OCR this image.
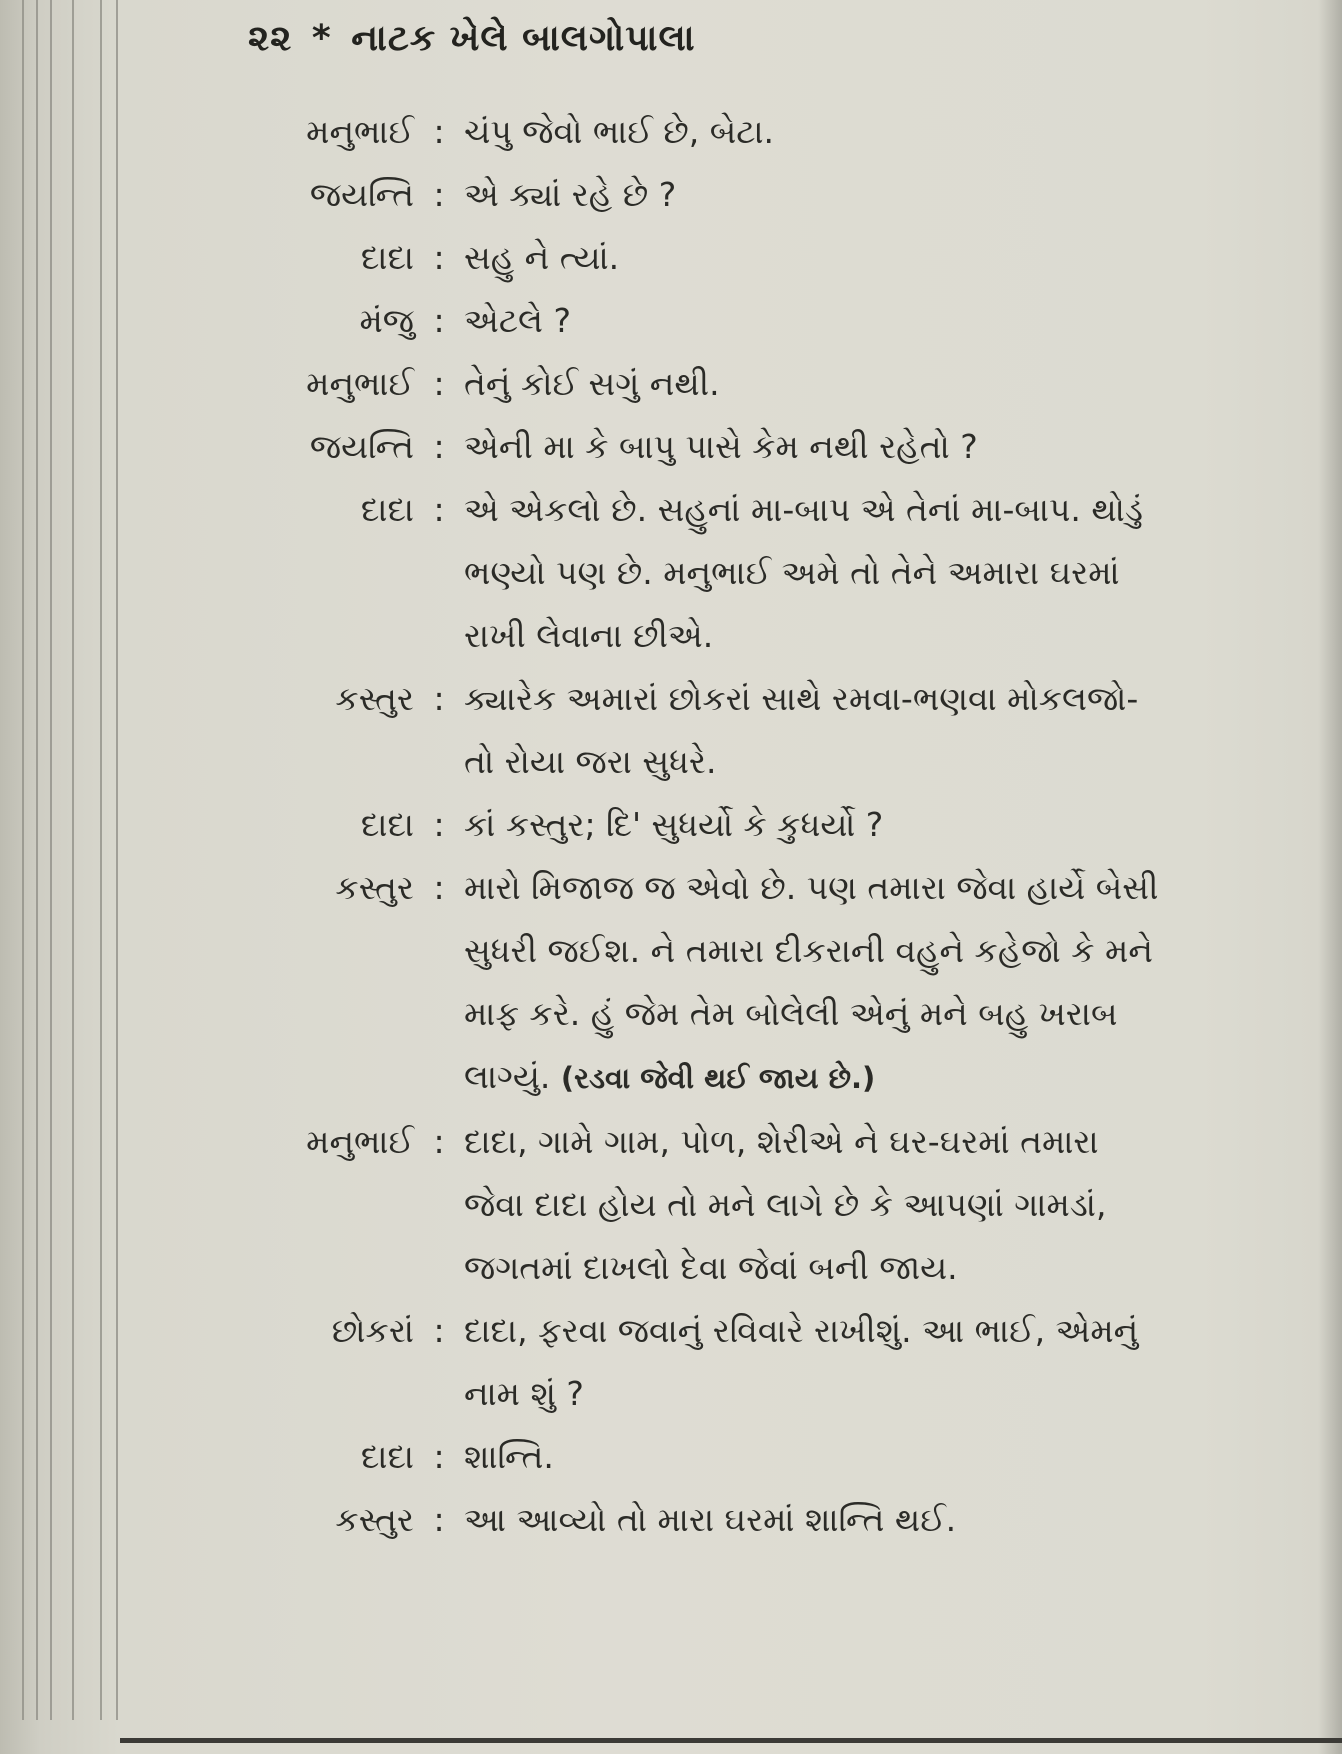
૨૨ * નાટક ખેલે બાલગોપાલા
મનુભાઈ : ચંપુ જેવો ભાઈ છે, બેટા.
જયન્તિ : એ ક્યાં રહે છે ?
દાદા : સહુ ને ત્યાં.
મંજુ : એટલે ?
મનુભાઈ : તેનું કોઈ સગું નથી.
જયન્તિ : એની મા કે બાપુ પાસે કેમ નથી રહેતો ?
દાદા : એ એકલો છે. સહુનાં મા-બાપ એ તેનાં મા-બાપ. થોડું ભણ્યો પણ છે. મનુભાઈ અમે તો તેને અમારા ઘરમાં રાખી લેવાના છીએ.
કસ્તુર : ક્યારેક અમારાં છોકરાં સાથે રમવા-ભણવા મોકલજો-તો રોયા જરા સુધરે.
દાદા : કાં કસ્તુર; દિ' સુધર્યો કે કુધર્યો ?
કસ્તુર : મારો મિજાજ જ એવો છે. પણ તમારા જેવા હાર્યે બેસી સુધરી જઈશ. ને તમારા દીકરાની વહુને કહેજો કે મને માફ કરે. હું જેમ તેમ બોલેલી એનું મને બહુ ખરાબ લાગ્યું. (રડવા જેવી થઈ જાય છે.)
મનુભાઈ : દાદા, ગામે ગામ, પોળ, શેરીએ ને ઘર-ઘરમાં તમારા જેવા દાદા હોય તો મને લાગે છે કે આપણાં ગામડાં, જગતમાં દાખલો દેવા જેવાં બની જાય.
છોકરાં : દાદા, ફરવા જવાનું રવિવારે રાખીશું. આ ભાઈ, એમનું નામ શું ?
દાદા : શાન્તિ.
કસ્તુર : આ આવ્યો તો મારા ઘરમાં શાન્તિ થઈ.
